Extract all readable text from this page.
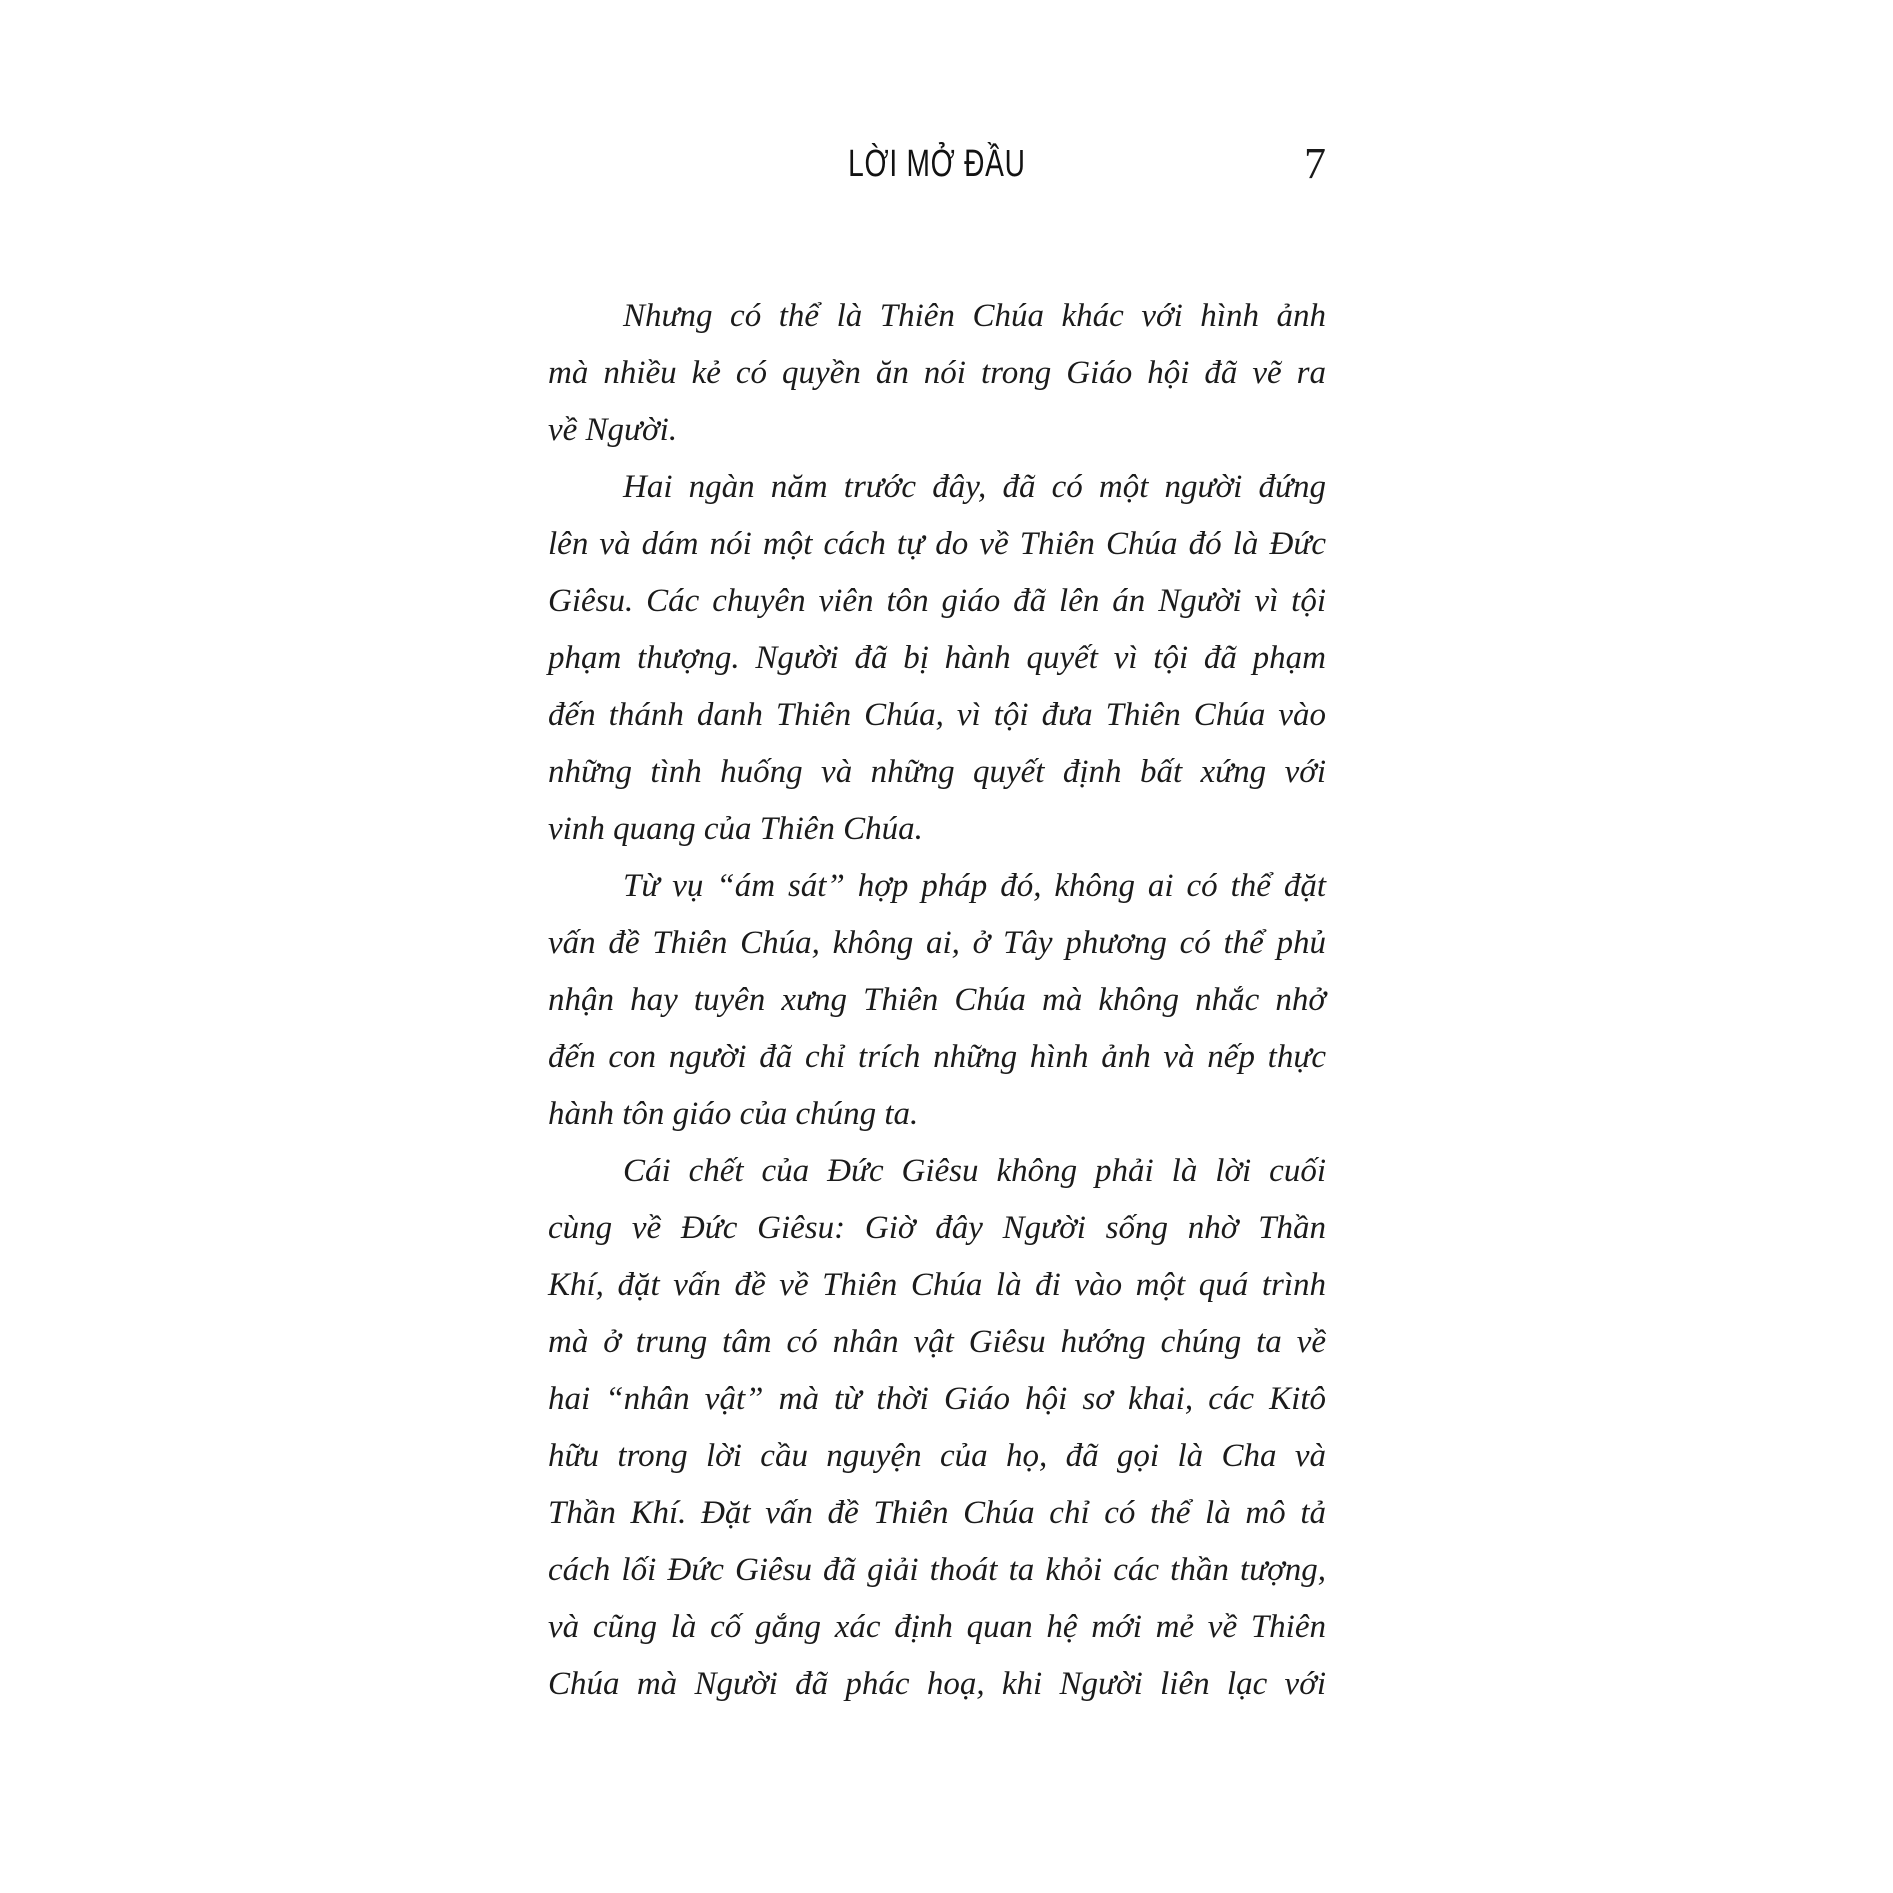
LỜI MỞ ĐẦU	7
Nhưng có thể là Thiên Chúa khác với hình ảnh
mà nhiều kẻ có quyền ăn nói trong Giáo hội đã vẽ ra
về Người.
Hai ngàn năm trước đây, đã có một người đứng
lên và dám nói một cách tự do về Thiên Chúa đó là Đức
Giêsu. Các chuyên viên tôn giáo đã lên án Người vì tội
phạm thượng. Người đã bị hành quyết vì tội đã phạm
đến thánh danh Thiên Chúa, vì tội đưa Thiên Chúa vào
những tình huống và những quyết định bất xứng với
vinh quang của Thiên Chúa.
Từ vụ “ám sát” hợp pháp đó, không ai có thể đặt
vấn đề Thiên Chúa, không ai, ở Tây phương có thể phủ
nhận hay tuyên xưng Thiên Chúa mà không nhắc nhở
đến con người đã chỉ trích những hình ảnh và nếp thực
hành tôn giáo của chúng ta.
Cái chết của Đức Giêsu không phải là lời cuối
cùng về Đức Giêsu: Giờ đây Người sống nhờ Thần
Khí, đặt vấn đề về Thiên Chúa là đi vào một quá trình
mà ở trung tâm có nhân vật Giêsu hướng chúng ta về
hai “nhân vật” mà từ thời Giáo hội sơ khai, các Kitô
hữu trong lời cầu nguyện của họ, đã gọi là Cha và
Thần Khí. Đặt vấn đề Thiên Chúa chỉ có thể là mô tả
cách lối Đức Giêsu đã giải thoát ta khỏi các thần tượng,
và cũng là cố gắng xác định quan hệ mới mẻ về Thiên
Chúa mà Người đã phác hoạ, khi Người liên lạc với
